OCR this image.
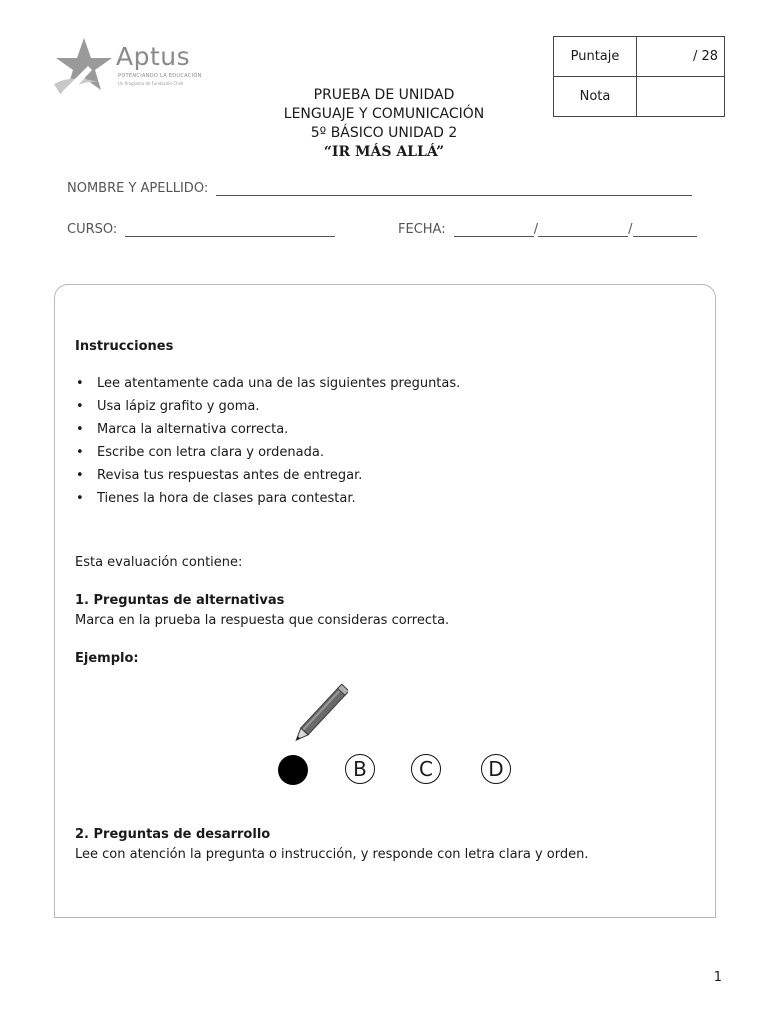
Aptus
POTENCIANDO LA EDUCACIÓN
Un Programa de Fundación Chile
Puntaje	/ 28
Nota	
PRUEBA DE UNIDAD
LENGUAJE Y COMUNICACIÓN
5º BÁSICO UNIDAD 2
“IR MÁS ALLÁ”
NOMBRE Y APELLIDO:
CURSO:	FECHA:	/	/
Instrucciones
• Lee atentamente cada una de las siguientes preguntas.
• Usa lápiz grafito y goma.
• Marca la alternativa correcta.
• Escribe con letra clara y ordenada.
• Revisa tus respuestas antes de entregar.
• Tienes la hora de clases para contestar.
Esta evaluación contiene:
1. Preguntas de alternativas
Marca en la prueba la respuesta que consideras correcta.
Ejemplo:
B	C	D
2. Preguntas de desarrollo
Lee con atención la pregunta o instrucción, y responde con letra clara y orden.
1
